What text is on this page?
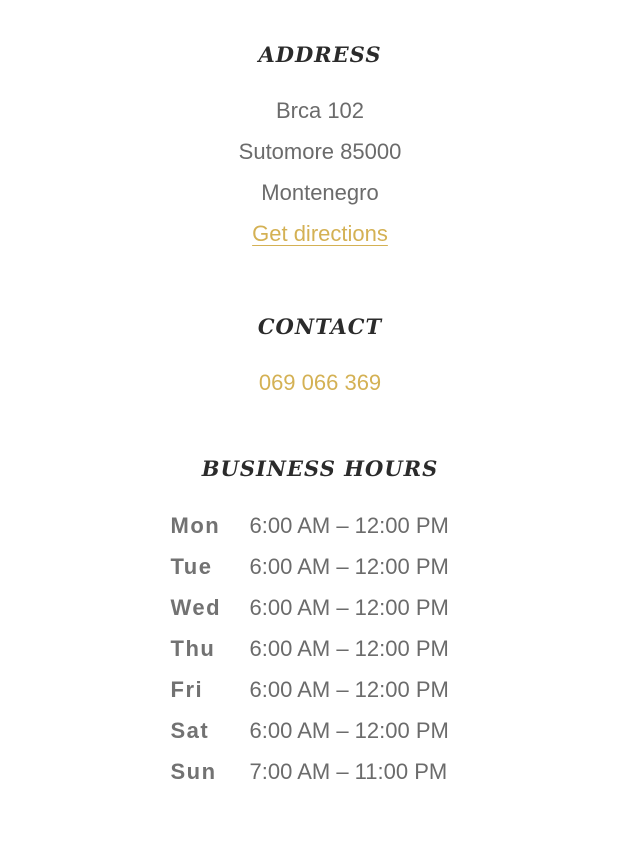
ADDRESS
Brca 102
Sutomore 85000
Montenegro
Get directions
CONTACT
069 066 369
BUSINESS HOURS
Mon	6:00 AM – 12:00 PM
Tue	6:00 AM – 12:00 PM
Wed	6:00 AM – 12:00 PM
Thu	6:00 AM – 12:00 PM
Fri	6:00 AM – 12:00 PM
Sat	6:00 AM – 12:00 PM
Sun	7:00 AM – 11:00 PM
